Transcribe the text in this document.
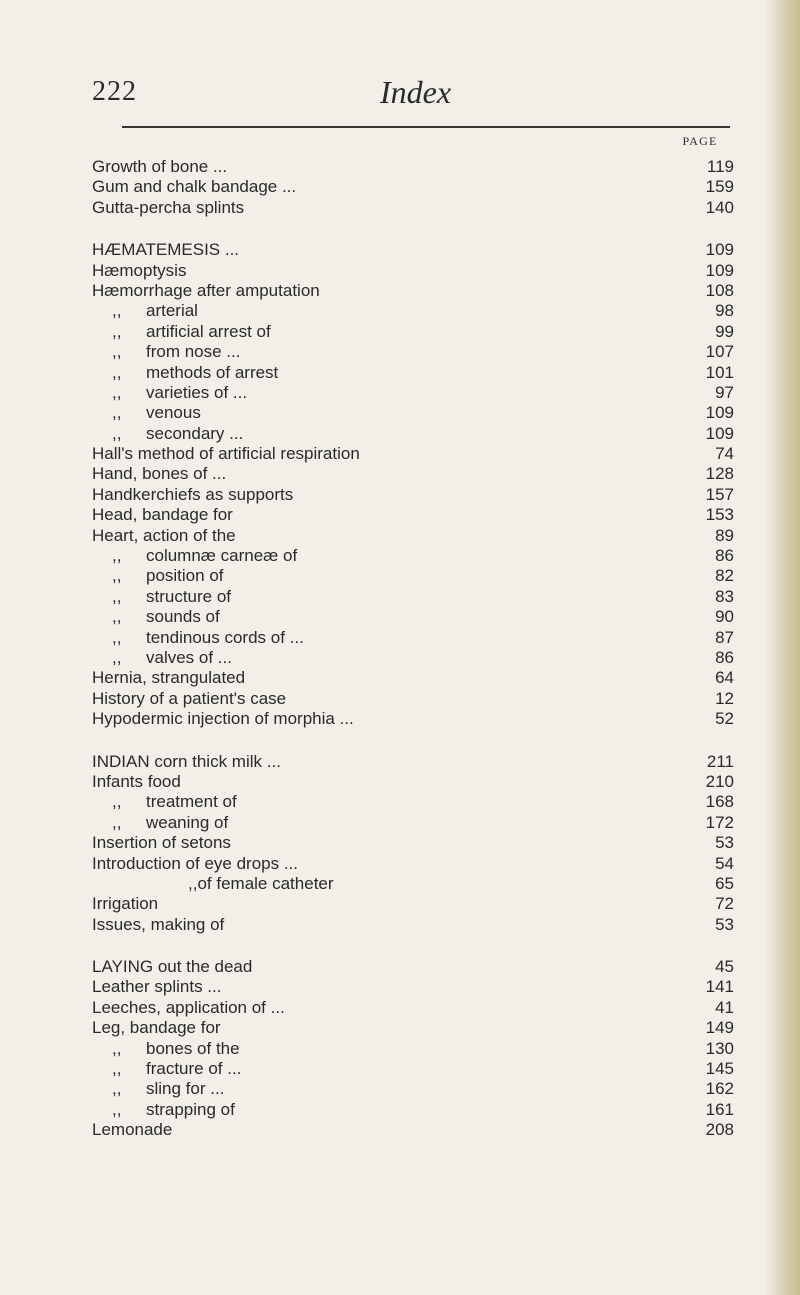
222	Index
PAGE
Growth of bone ...	119
Gum and chalk bandage ...	159
Gutta-percha splints	140
HÆMATEMESIS ...	109
Hæmoptysis	109
Hæmorrhage after amputation	108
,, arterial	98
,, artificial arrest of	99
,, from nose ...	107
,, methods of arrest	101
,, varieties of ...	97
,, venous	109
,, secondary ...	109
Hall's method of artificial respiration	74
Hand, bones of ...	128
Handkerchiefs as supports	157
Head, bandage for	153
Heart, action of the	89
,, columnæ carneæ of	86
,, position of	82
,, structure of	83
,, sounds of	90
,, tendinous cords of ...	87
,, valves of ...	86
Hernia, strangulated	64
History of a patient's case	12
Hypodermic injection of morphia ...	52
INDIAN corn thick milk ...	211
Infants food	210
,, treatment of	168
,, weaning of	172
Insertion of setons	53
Introduction of eye drops ...	54
,,of female catheter	65
Irrigation	72
Issues, making of	53
LAYING out the dead	45
Leather splints ...	141
Leeches, application of ...	41
Leg, bandage for	149
,, bones of the	130
,, fracture of ...	145
,, sling for ...	162
,, strapping of	161
Lemonade	208
